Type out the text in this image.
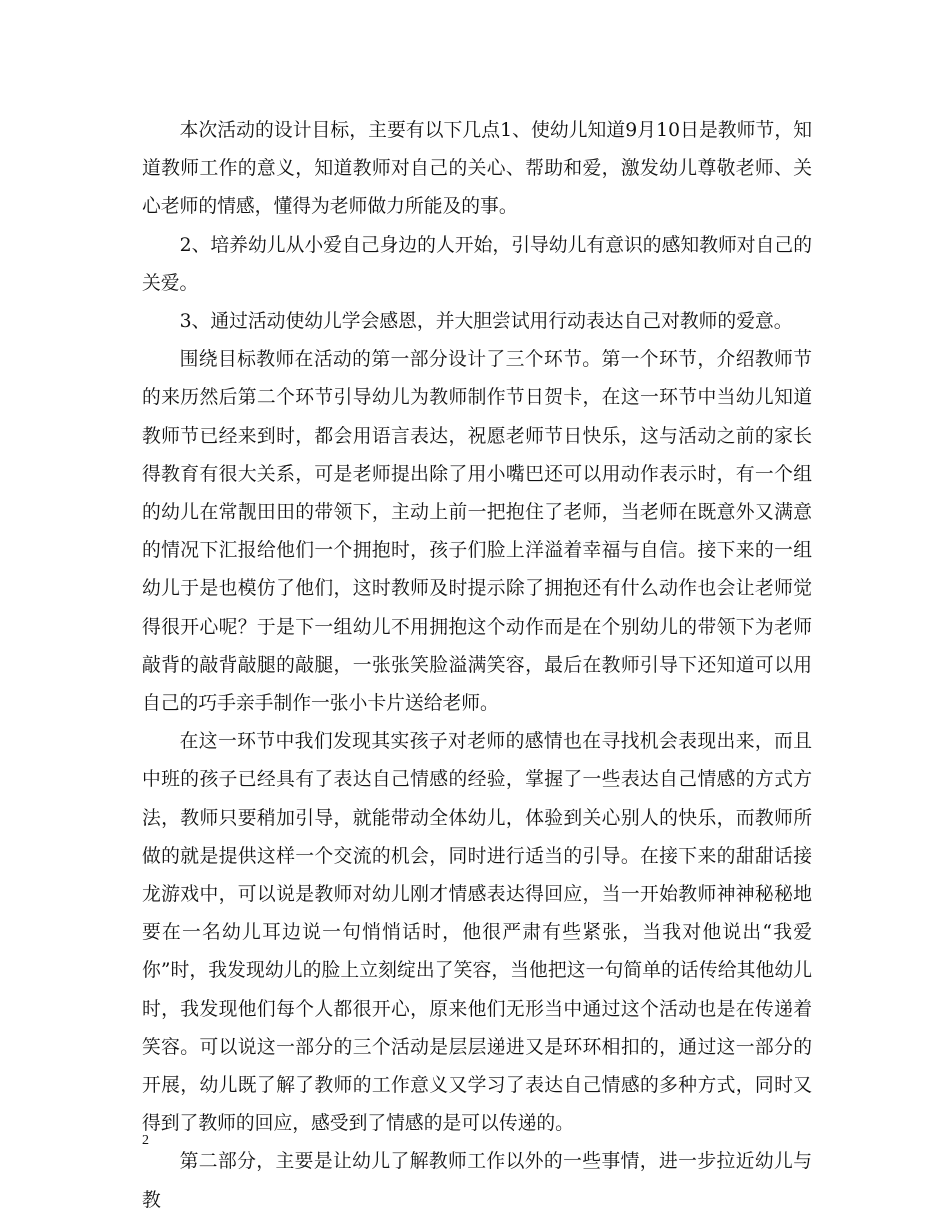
本次活动的设计目标，主要有以下几点1、使幼儿知道9月10日是教师节，知道教师工作的意义，知道教师对自己的关心、帮助和爱，激发幼儿尊敬老师、关心老师的情感，懂得为老师做力所能及的事。

2、培养幼儿从小爱自己身边的人开始，引导幼儿有意识的感知教师对自己的关爱。

3、通过活动使幼儿学会感恩，并大胆尝试用行动表达自己对教师的爱意。

围绕目标教师在活动的第一部分设计了三个环节。第一个环节，介绍教师节的来历然后第二个环节引导幼儿为教师制作节日贺卡，在这一环节中当幼儿知道教师节已经来到时，都会用语言表达，祝愿老师节日快乐，这与活动之前的家长得教育有很大关系，可是老师提出除了用小嘴巴还可以用动作表示时，有一个组的幼儿在常靓田田的带领下，主动上前一把抱住了老师，当老师在既意外又满意的情况下汇报给他们一个拥抱时，孩子们脸上洋溢着幸福与自信。接下来的一组幼儿于是也模仿了他们，这时教师及时提示除了拥抱还有什么动作也会让老师觉得很开心呢？于是下一组幼儿不用拥抱这个动作而是在个别幼儿的带领下为老师敲背的敲背敲腿的敲腿，一张张笑脸溢满笑容，最后在教师引导下还知道可以用自己的巧手亲手制作一张小卡片送给老师。

在这一环节中我们发现其实孩子对老师的感情也在寻找机会表现出来，而且中班的孩子已经具有了表达自己情感的经验，掌握了一些表达自己情感的方式方法，教师只要稍加引导，就能带动全体幼儿，体验到关心别人的快乐，而教师所做的就是提供这样一个交流的机会，同时进行适当的引导。在接下来的甜甜话接龙游戏中，可以说是教师对幼儿刚才情感表达得回应，当一开始教师神神秘秘地要在一名幼儿耳边说一句悄悄话时，他很严肃有些紧张，当我对他说出“我爱你”时，我发现幼儿的脸上立刻绽出了笑容，当他把这一句简单的话传给其他幼儿时，我发现他们每个人都很开心，原来他们无形当中通过这个活动也是在传递着笑容。可以说这一部分的三个活动是层层递进又是环环相扣的，通过这一部分的开展，幼儿既了解了教师的工作意义又学习了表达自己情感的多种方式，同时又得到了教师的回应，感受到了情感的是可以传递的。

第二部分，主要是让幼儿了解教师工作以外的一些事情，进一步拉近幼儿与教

2
